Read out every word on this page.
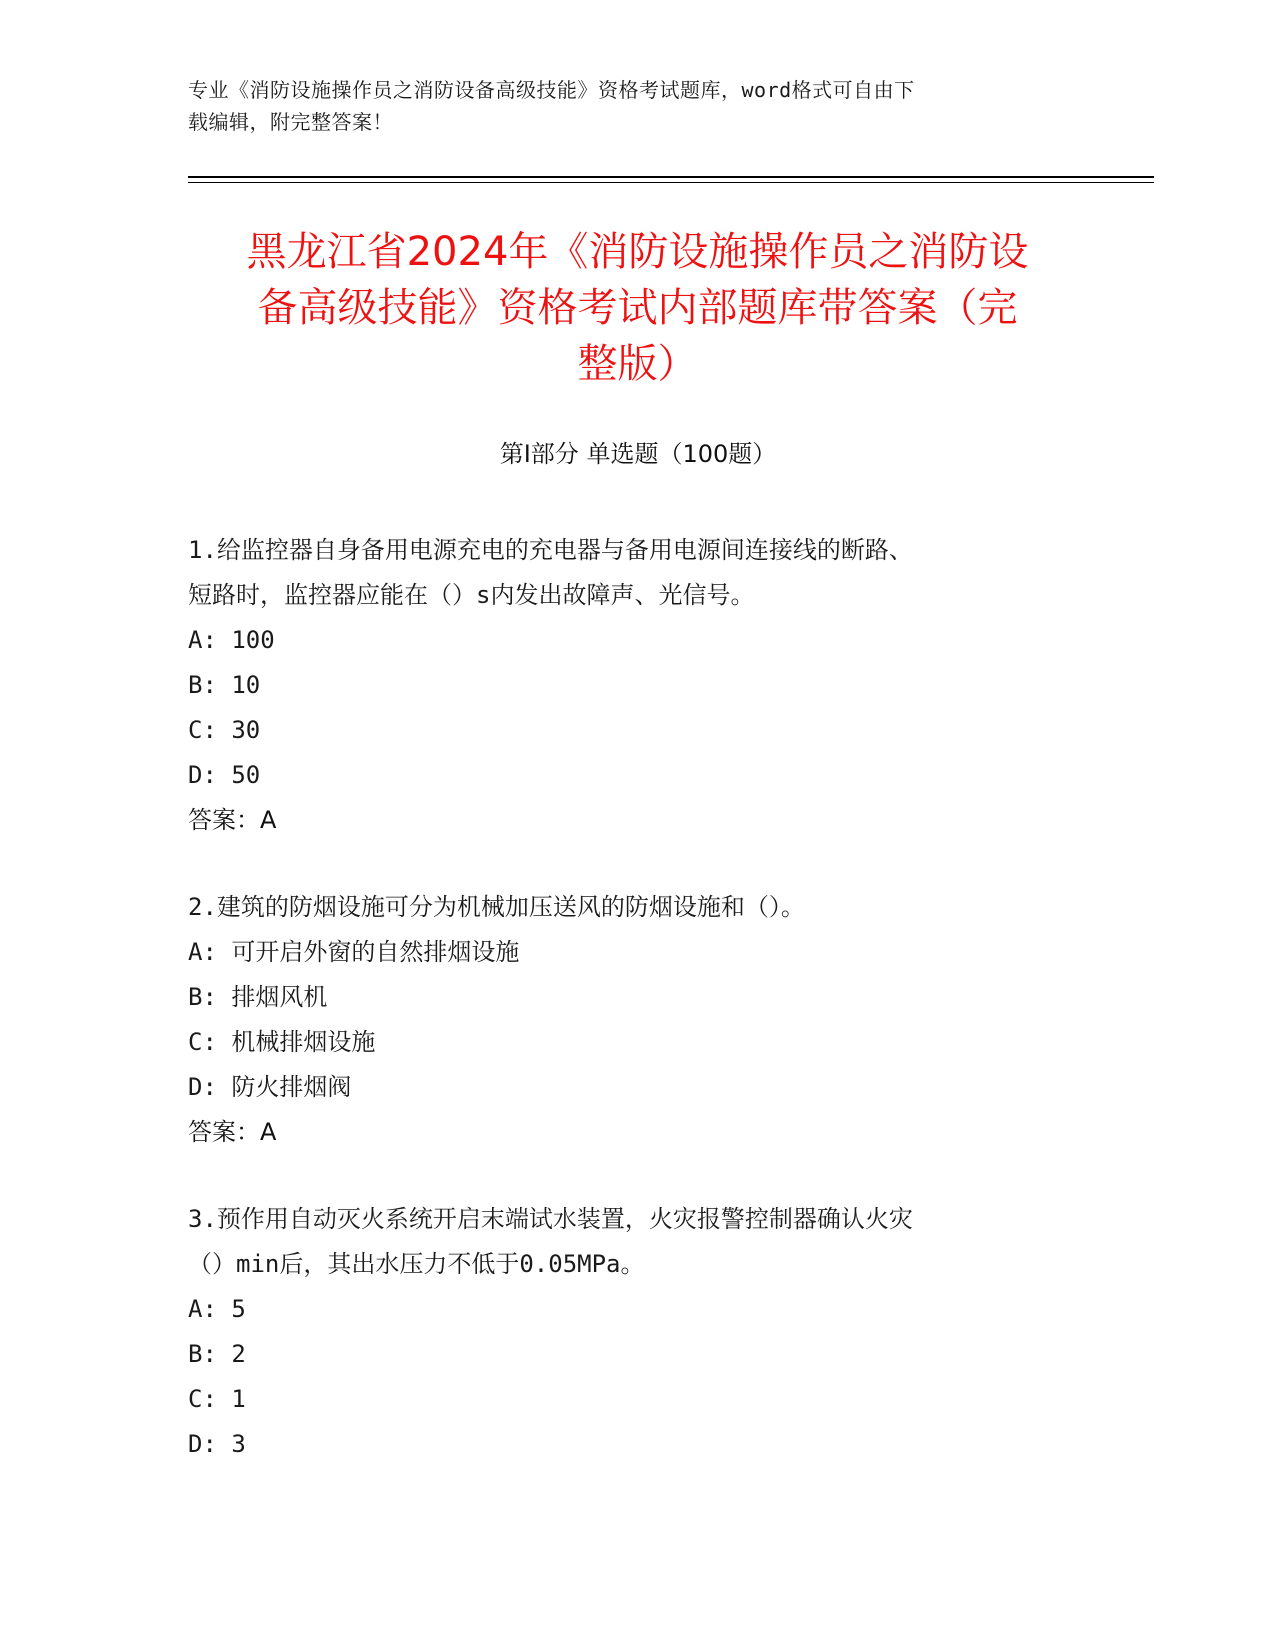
专业《消防设施操作员之消防设备高级技能》资格考试题库，word格式可自由下
载编辑，附完整答案！
黑龙江省2024年《消防设施操作员之消防设
备高级技能》资格考试内部题库带答案（完
整版）
第Ⅰ部分 单选题（100题）

1.给监控器自身备用电源充电的充电器与备用电源间连接线的断路、

短路时，监控器应能在（）s内发出故障声、光信号。

A: 100

B: 10

C: 30

D: 50

答案：A

2.建筑的防烟设施可分为机械加压送风的防烟设施和（）。

A: 可开启外窗的自然排烟设施

B: 排烟风机

C: 机械排烟设施

D: 防火排烟阀

答案：A

3.预作用自动灭火系统开启末端试水装置，火灾报警控制器确认火灾

（）min后，其出水压力不低于0.05MPa。

A: 5

B: 2

C: 1

D: 3
